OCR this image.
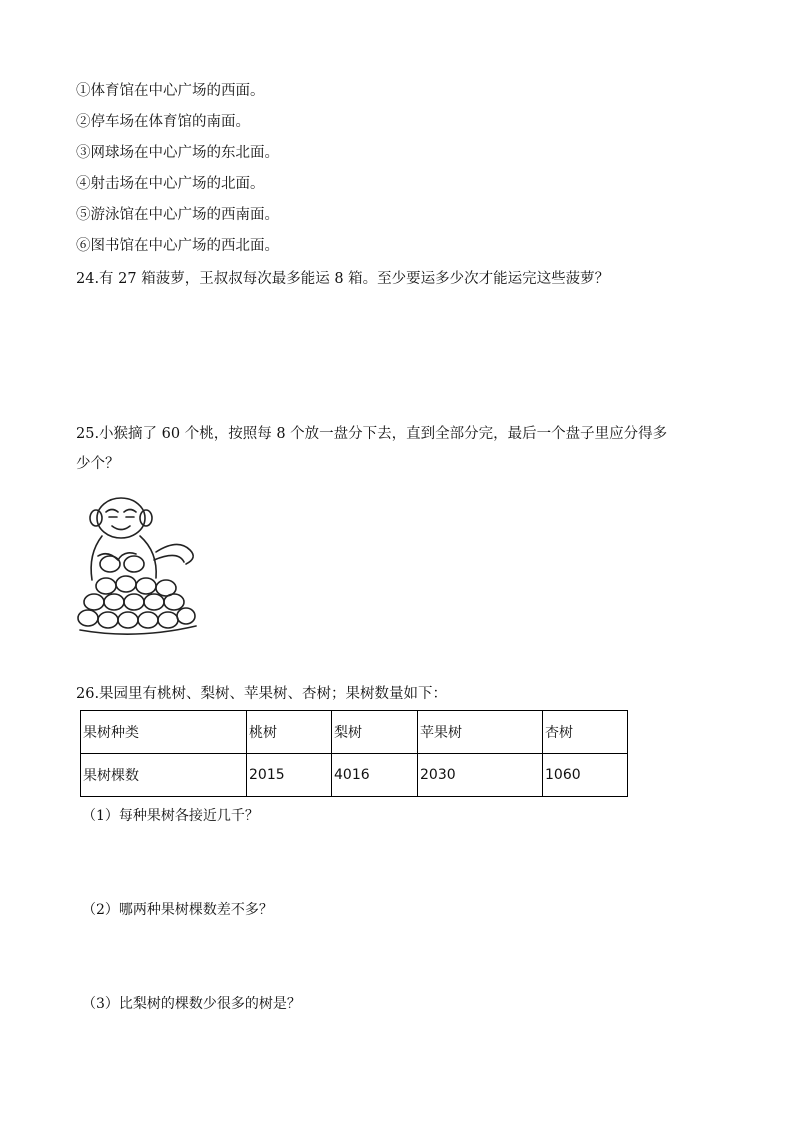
①体育馆在中心广场的西面。
②停车场在体育馆的南面。
③网球场在中心广场的东北面。
④射击场在中心广场的北面。
⑤游泳馆在中心广场的西南面。
⑥图书馆在中心广场的西北面。
24.有 27 箱菠萝，王叔叔每次最多能运 8 箱。至少要运多少次才能运完这些菠萝？
25.小猴摘了 60 个桃，按照每 8 个放一盘分下去，直到全部分完，最后一个盘子里应分得多
少个？
26.果园里有桃树、梨树、苹果树、杏树；果树数量如下：
果树种类	桃树	梨树	苹果树	杏树
果树棵数	2015	4016	2030	1060
（1）每种果树各接近几千？
（2）哪两种果树棵数差不多？
（3）比梨树的棵数少很多的树是？
